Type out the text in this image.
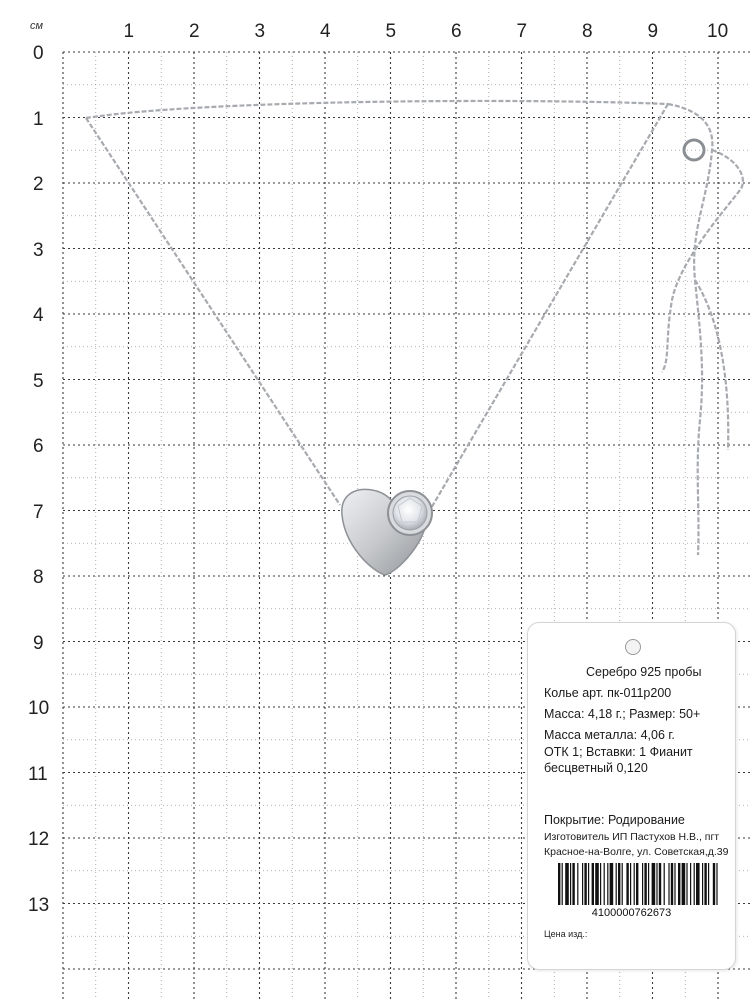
см	1	2	3	4	5	6	7	8	9	10
0
1
2
3
4
5
6
7
8
9
10
11
12
13
Серебро 925 пробы
Колье арт. пк-011р200
Масса: 4,18 г.; Размер: 50+
Масса металла: 4,06 г.
ОТК 1; Вставки: 1 Фианит
бесцветный 0,120
Покрытие: Родирование
Изготовитель ИП Пастухов Н.В., пгт
Красное-на-Волге, ул. Советская,д.39
4100000762673
Цена изд.:
